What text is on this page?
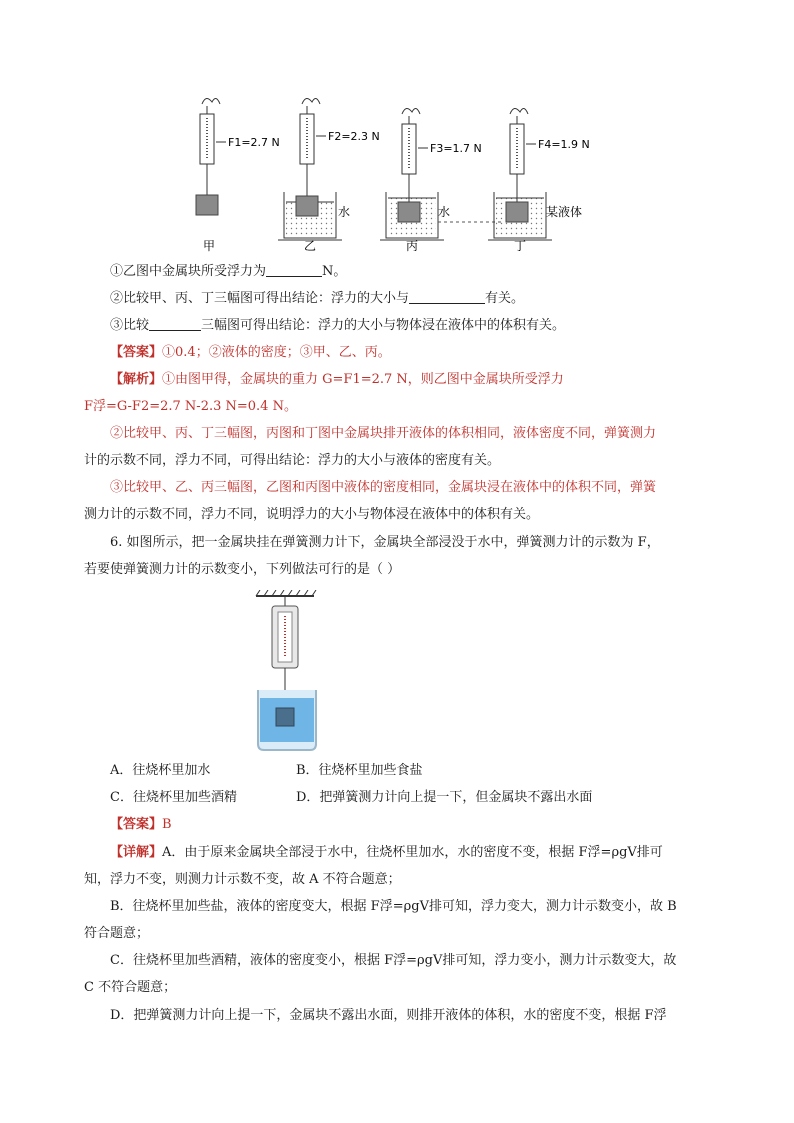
F1=2.7 N
甲
F2=2.3 N
水
乙
F3=1.7 N
水
丙
F4=1.9 N
某液体
丁
①乙图中金属块所受浮力为	N。
②比较甲、丙、丁三幅图可得出结论：浮力的大小与	有关。
③比较	三幅图可得出结论：浮力的大小与物体浸在液体中的体积有关。
【答案】①0.4；②液体的密度；③甲、乙、丙。
【解析】①由图甲得，金属块的重力 G=F1=2.7 N，则乙图中金属块所受浮力
F浮=G-F2=2.7 N-2.3 N=0.4 N。
②比较甲、丙、丁三幅图，丙图和丁图中金属块排开液体的体积相同，液体密度不同，弹簧测力
计的示数不同，浮力不同，可得出结论：浮力的大小与液体的密度有关。
③比较甲、乙、丙三幅图，乙图和丙图中液体的密度相同，金属块浸在液体中的体积不同，弹簧
测力计的示数不同，浮力不同，说明浮力的大小与物体浸在液体中的体积有关。
6. 如图所示，把一金属块挂在弹簧测力计下，金属块全部浸没于水中，弹簧测力计的示数为 F，
若要使弹簧测力计的示数变小，下列做法可行的是（ ）
A．往烧杯里加水	B．往烧杯里加些食盐
C．往烧杯里加些酒精	D．把弹簧测力计向上提一下，但金属块不露出水面
【答案】B
【详解】A．由于原来金属块全部浸于水中，往烧杯里加水，水的密度不变，根据 F浮=ρgV排可
知，浮力不变，则测力计示数不变，故 A 不符合题意；
B．往烧杯里加些盐，液体的密度变大，根据 F浮=ρgV排可知，浮力变大，测力计示数变小，故 B
符合题意；
C．往烧杯里加些酒精，液体的密度变小，根据 F浮=ρgV排可知，浮力变小，测力计示数变大，故
C 不符合题意；
D．把弹簧测力计向上提一下，金属块不露出水面，则排开液体的体积，水的密度不变，根据 F浮
